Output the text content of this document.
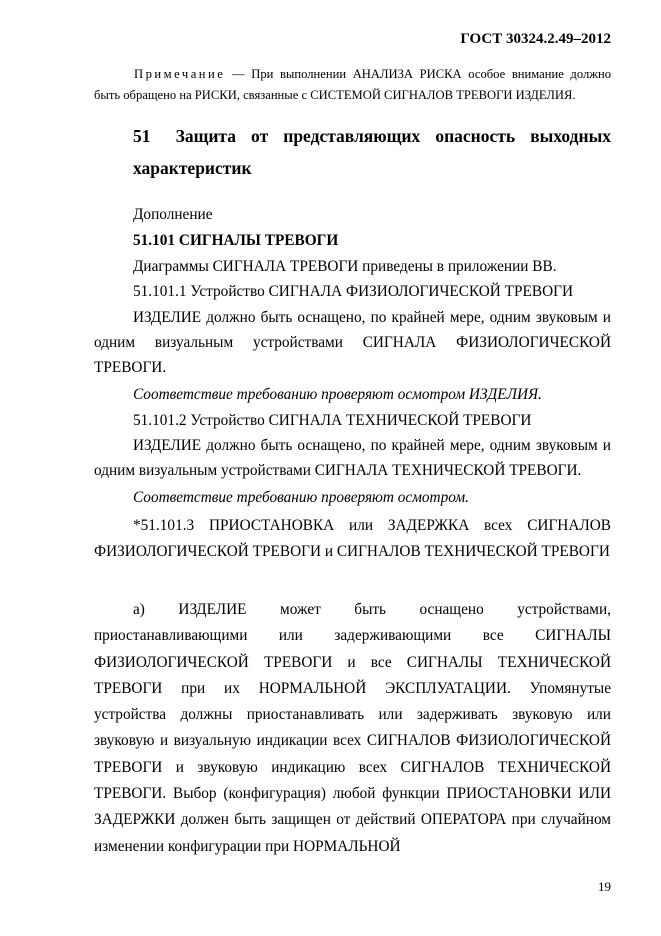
ГОСТ 30324.2.49–2012
Примечание — При выполнении АНАЛИЗА РИСКА особое внимание должно быть обращено на РИСКИ, связанные с СИСТЕМОЙ СИГНАЛОВ ТРЕВОГИ ИЗДЕЛИЯ.
51 Защита от представляющих опасность выходных характеристик
Дополнение
51.101 СИГНАЛЫ ТРЕВОГИ
Диаграммы СИГНАЛА ТРЕВОГИ приведены в приложении ВВ.
51.101.1 Устройство СИГНАЛА ФИЗИОЛОГИЧЕСКОЙ ТРЕВОГИ
ИЗДЕЛИЕ должно быть оснащено, по крайней мере, одним звуковым и одним визуальным устройствами СИГНАЛА ФИЗИОЛОГИЧЕСКОЙ ТРЕВОГИ.
Соответствие требованию проверяют осмотром ИЗДЕЛИЯ.
51.101.2 Устройство СИГНАЛА ТЕХНИЧЕСКОЙ ТРЕВОГИ
ИЗДЕЛИЕ должно быть оснащено, по крайней мере, одним звуковым и одним визуальным устройствами СИГНАЛА ТЕХНИЧЕСКОЙ ТРЕВОГИ.
Соответствие требованию проверяют осмотром.
*51.101.3 ПРИОСТАНОВКА или ЗАДЕРЖКА всех СИГНАЛОВ ФИЗИОЛОГИЧЕСКОЙ ТРЕВОГИ и СИГНАЛОВ ТЕХНИЧЕСКОЙ ТРЕВОГИ
а) ИЗДЕЛИЕ может быть оснащено устройствами, приостанавливающими или задерживающими все СИГНАЛЫ ФИЗИОЛОГИЧЕСКОЙ ТРЕВОГИ и все СИГНАЛЫ ТЕХНИЧЕСКОЙ ТРЕВОГИ при их НОРМАЛЬНОЙ ЭКСПЛУАТАЦИИ. Упомянутые устройства должны приостанавливать или задерживать звуковую или звуковую и визуальную индикации всех СИГНАЛОВ ФИЗИОЛОГИЧЕСКОЙ ТРЕВОГИ и звуковую индикацию всех СИГНАЛОВ ТЕХНИЧЕСКОЙ ТРЕВОГИ. Выбор (конфигурация) любой функции ПРИОСТАНОВКИ ИЛИ ЗАДЕРЖКИ должен быть защищен от действий ОПЕРАТОРА при случайном изменении конфигурации при НОРМАЛЬНОЙ
19
